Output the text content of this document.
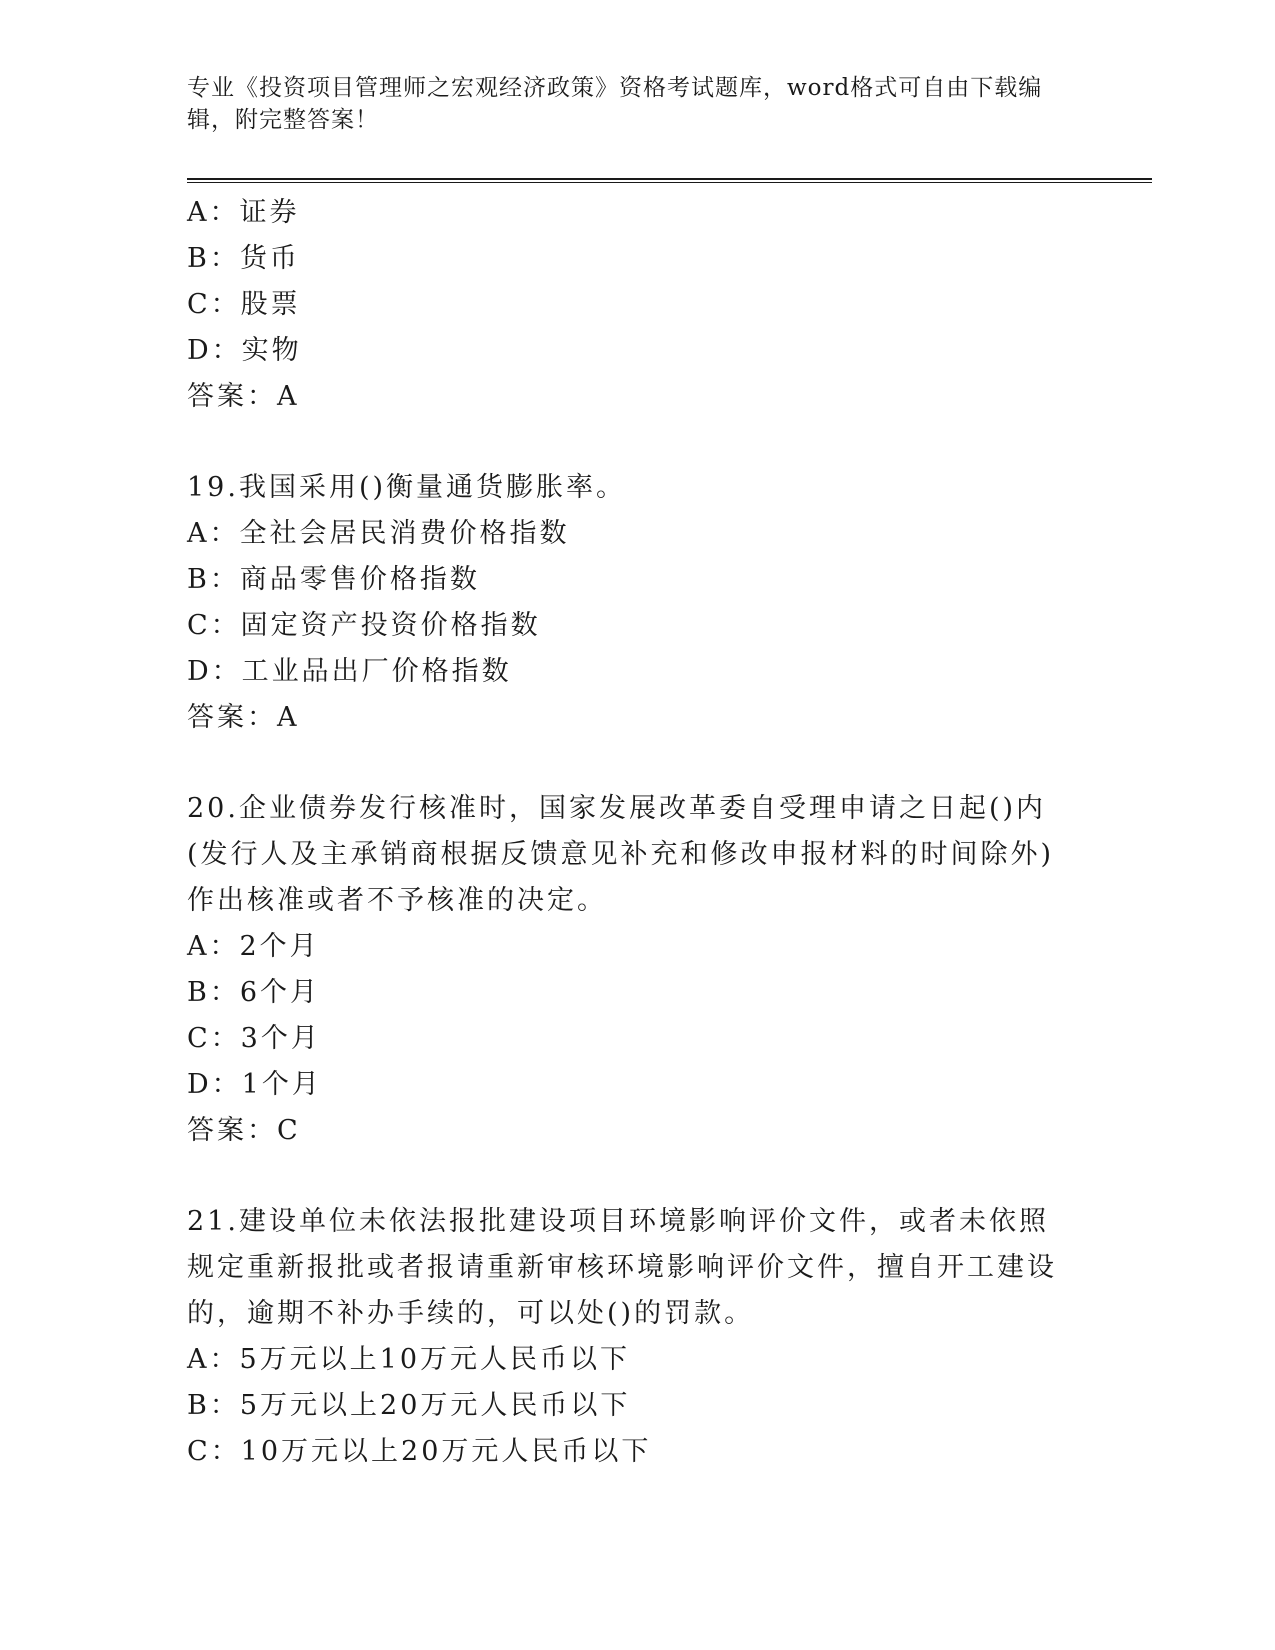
专业《投资项目管理师之宏观经济政策》资格考试题库，word格式可自由下载编辑，附完整答案！
A：证券
B：货币
C：股票
D：实物
答案：A
19.我国采用()衡量通货膨胀率。
A：全社会居民消费价格指数
B：商品零售价格指数
C：固定资产投资价格指数
D：工业品出厂价格指数
答案：A
20.企业债券发行核准时，国家发展改革委自受理申请之日起()内(发行人及主承销商根据反馈意见补充和修改申报材料的时间除外)作出核准或者不予核准的决定。
A：2个月
B：6个月
C：3个月
D：1个月
答案：C
21.建设单位未依法报批建设项目环境影响评价文件，或者未依照规定重新报批或者报请重新审核环境影响评价文件，擅自开工建设的，逾期不补办手续的，可以处()的罚款。
A：5万元以上10万元人民币以下
B：5万元以上20万元人民币以下
C：10万元以上20万元人民币以下
